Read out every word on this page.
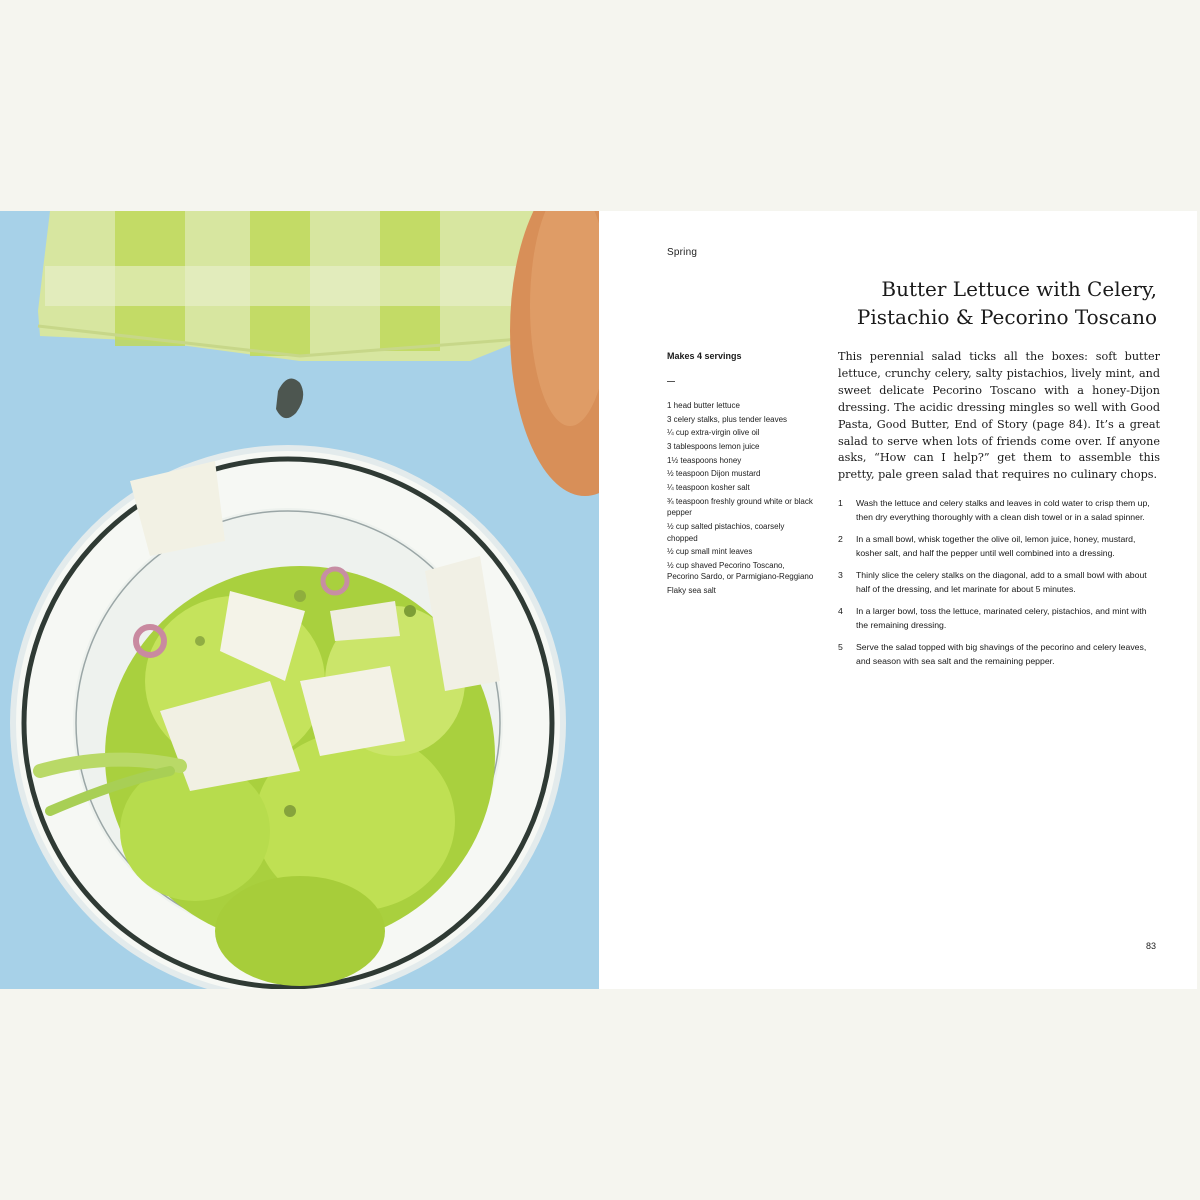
Spring
Butter Lettuce with Celery,
Pistachio & Pecorino Toscano
Makes 4 servings
1 head butter lettuce
3 celery stalks, plus tender leaves
¼ cup extra-virgin olive oil
3 tablespoons lemon juice
1½ teaspoons honey
½ teaspoon Dijon mustard
¼ teaspoon kosher salt
¾ teaspoon freshly ground white or black pepper
½ cup salted pistachios, coarsely chopped
½ cup small mint leaves
½ cup shaved Pecorino Toscano, Pecorino Sardo, or Parmigiano-Reggiano
Flaky sea salt

This perennial salad ticks all the boxes: soft butter lettuce, crunchy celery, salty pistachios, lively mint, and sweet delicate Pecorino Toscano with a honey-Dijon dressing. The acidic dressing mingles so well with Good Pasta, Good Butter, End of Story (page 84). It’s a great salad to serve when lots of friends come over. If anyone asks, “How can I help?” get them to assemble this pretty, pale green salad that requires no culinary chops.

1	Wash the lettuce and celery stalks and leaves in cold water to crisp them up, then dry everything thoroughly with a clean dish towel or in a salad spinner.
2	In a small bowl, whisk together the olive oil, lemon juice, honey, mustard, kosher salt, and half the pepper until well combined into a dressing.
3	Thinly slice the celery stalks on the diagonal, add to a small bowl with about half of the dressing, and let marinate for about 5 minutes.
4	In a larger bowl, toss the lettuce, marinated celery, pistachios, and mint with the remaining dressing.
5	Serve the salad topped with big shavings of the pecorino and celery leaves, and season with sea salt and the remaining pepper.
83
